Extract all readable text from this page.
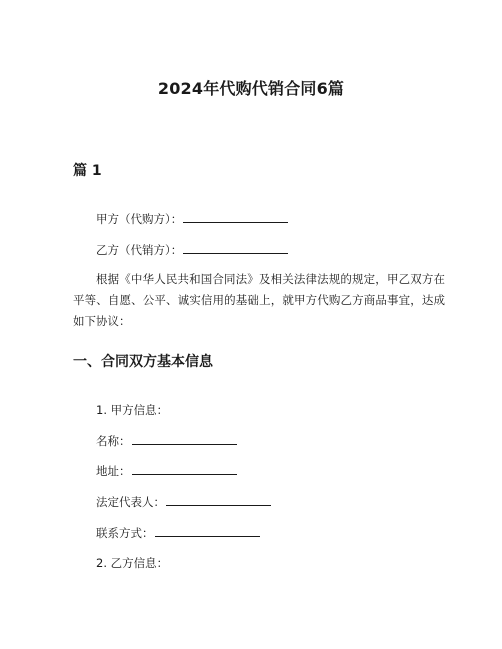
2024年代购代销合同6篇
篇 1
甲方（代购方）：
乙方（代销方）：
根据《中华人民共和国合同法》及相关法律法规的规定，甲乙双方在平等、自愿、公平、诚实信用的基础上，就甲方代购乙方商品事宜，达成如下协议：
一、合同双方基本信息
1. 甲方信息：
名称：
地址：
法定代表人：
联系方式：
2. 乙方信息：
